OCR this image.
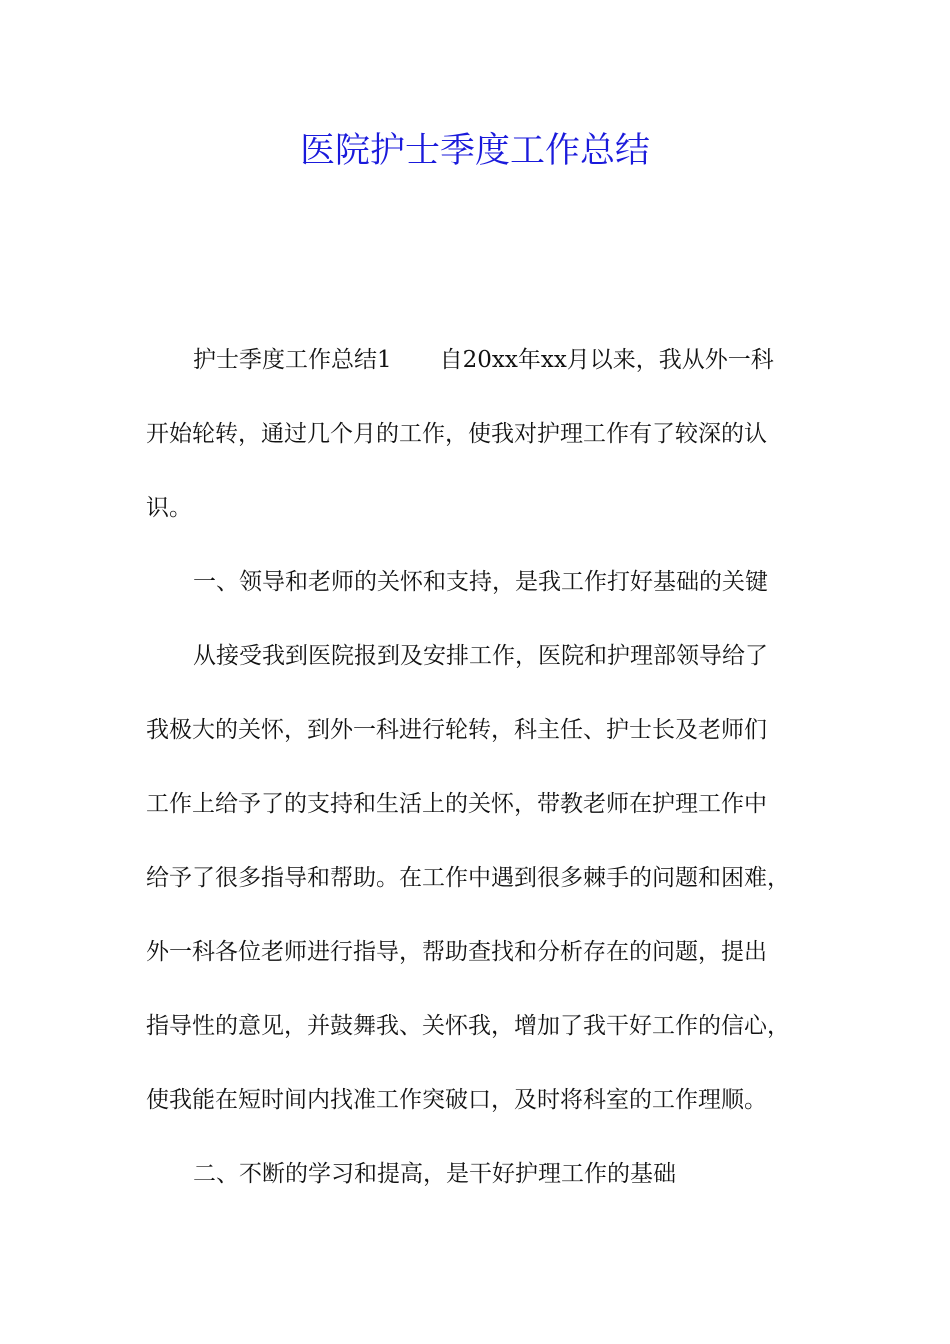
医院护士季度工作总结
护士季度工作总结1 自20xx年xx月以来，我从外一科
开始轮转，通过几个月的工作，使我对护理工作有了较深的认
识。
一、领导和老师的关怀和支持，是我工作打好基础的关键
从接受我到医院报到及安排工作，医院和护理部领导给了
我极大的关怀，到外一科进行轮转，科主任、护士长及老师们
工作上给予了的支持和生活上的关怀，带教老师在护理工作中
给予了很多指导和帮助。在工作中遇到很多棘手的问题和困难，
外一科各位老师进行指导，帮助查找和分析存在的问题，提出
指导性的意见，并鼓舞我、关怀我，增加了我干好工作的信心，
使我能在短时间内找准工作突破口，及时将科室的工作理顺。
二、不断的学习和提高，是干好护理工作的基础
